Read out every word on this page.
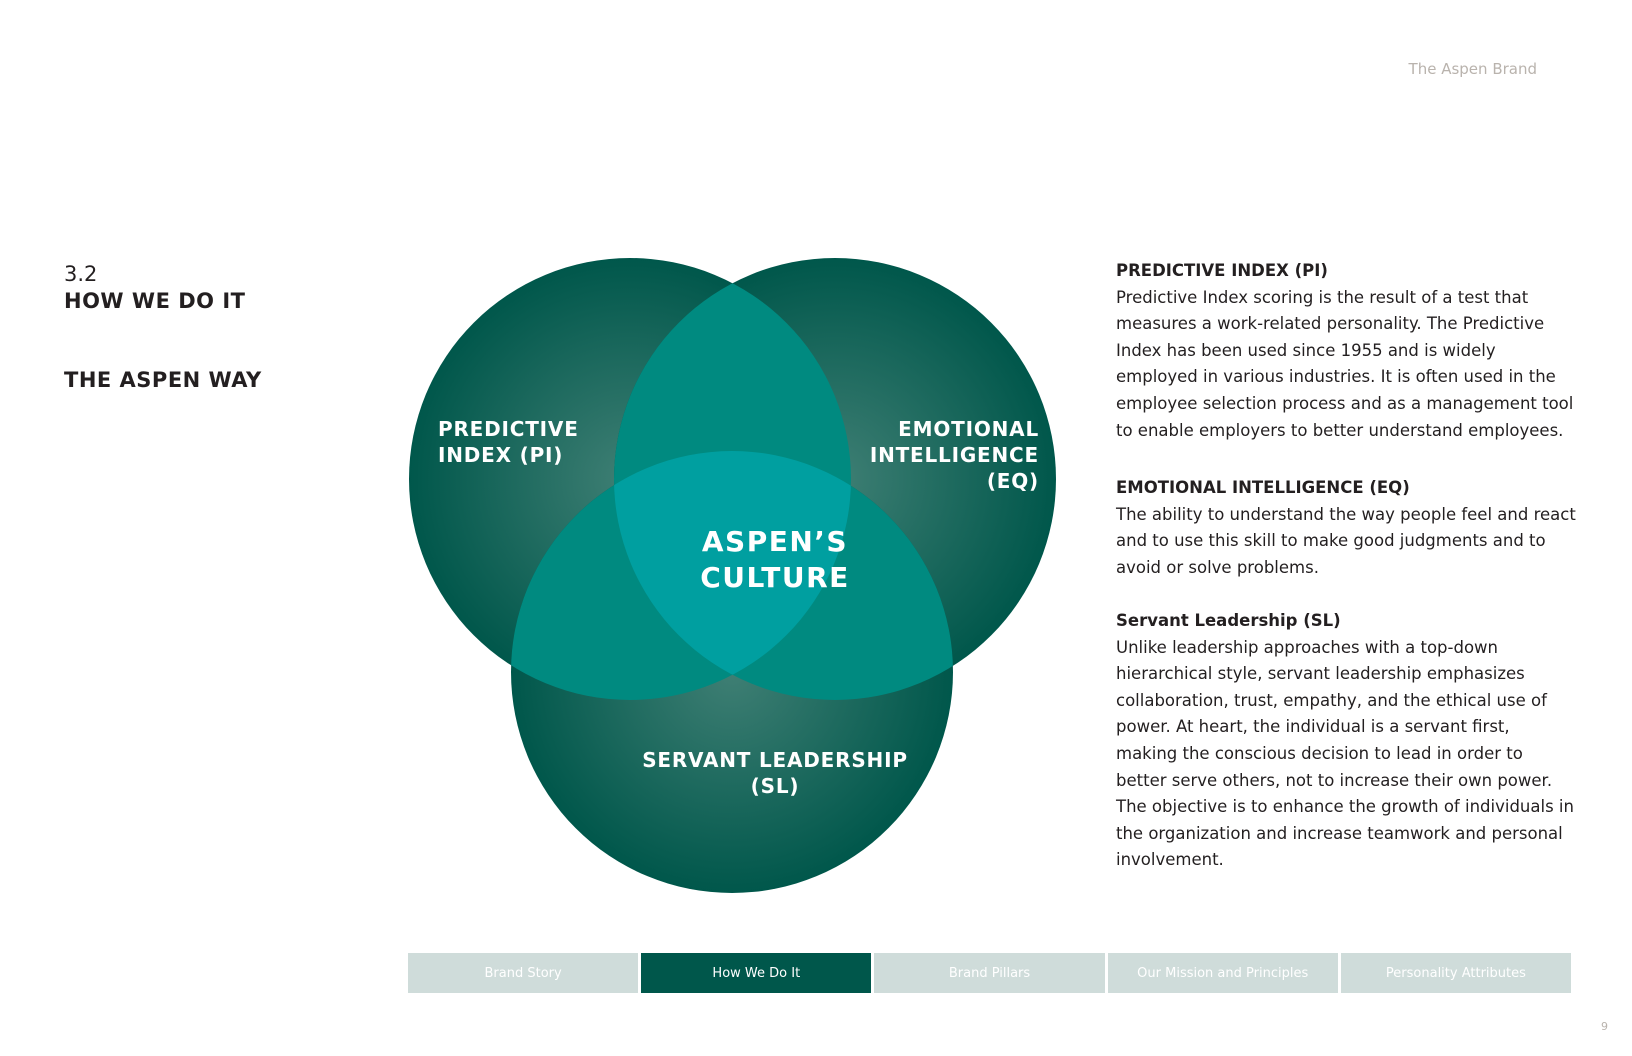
The Aspen Brand
3.2
HOW WE DO IT
THE ASPEN WAY
PREDICTIVE
INDEX (PI)
EMOTIONAL
INTELLIGENCE
(EQ)
SERVANT LEADERSHIP
(SL)
ASPEN’S
CULTURE
PREDICTIVE INDEX (PI)

Predictive Index scoring is the result of a test that measures a work-related personality. The Predictive Index has been used since 1955 and is widely employed in various industries. It is often used in the employee selection process and as a management tool to enable employers to better understand employees.

EMOTIONAL INTELLIGENCE (EQ)

The ability to understand the way people feel and react and to use this skill to make good judgments and to avoid or solve problems.

Servant Leadership (SL)

Unlike leadership approaches with a top-down hierarchical style, servant leadership emphasizes collaboration, trust, empathy, and the ethical use of power. At heart, the individual is a servant first, making the conscious decision to lead in order to better serve others, not to increase their own power. The objective is to enhance the growth of individuals in the organization and increase teamwork and personal involvement.

Brand Story	How We Do It	Brand Pillars	Our Mission and Principles	Personality Attributes
9
